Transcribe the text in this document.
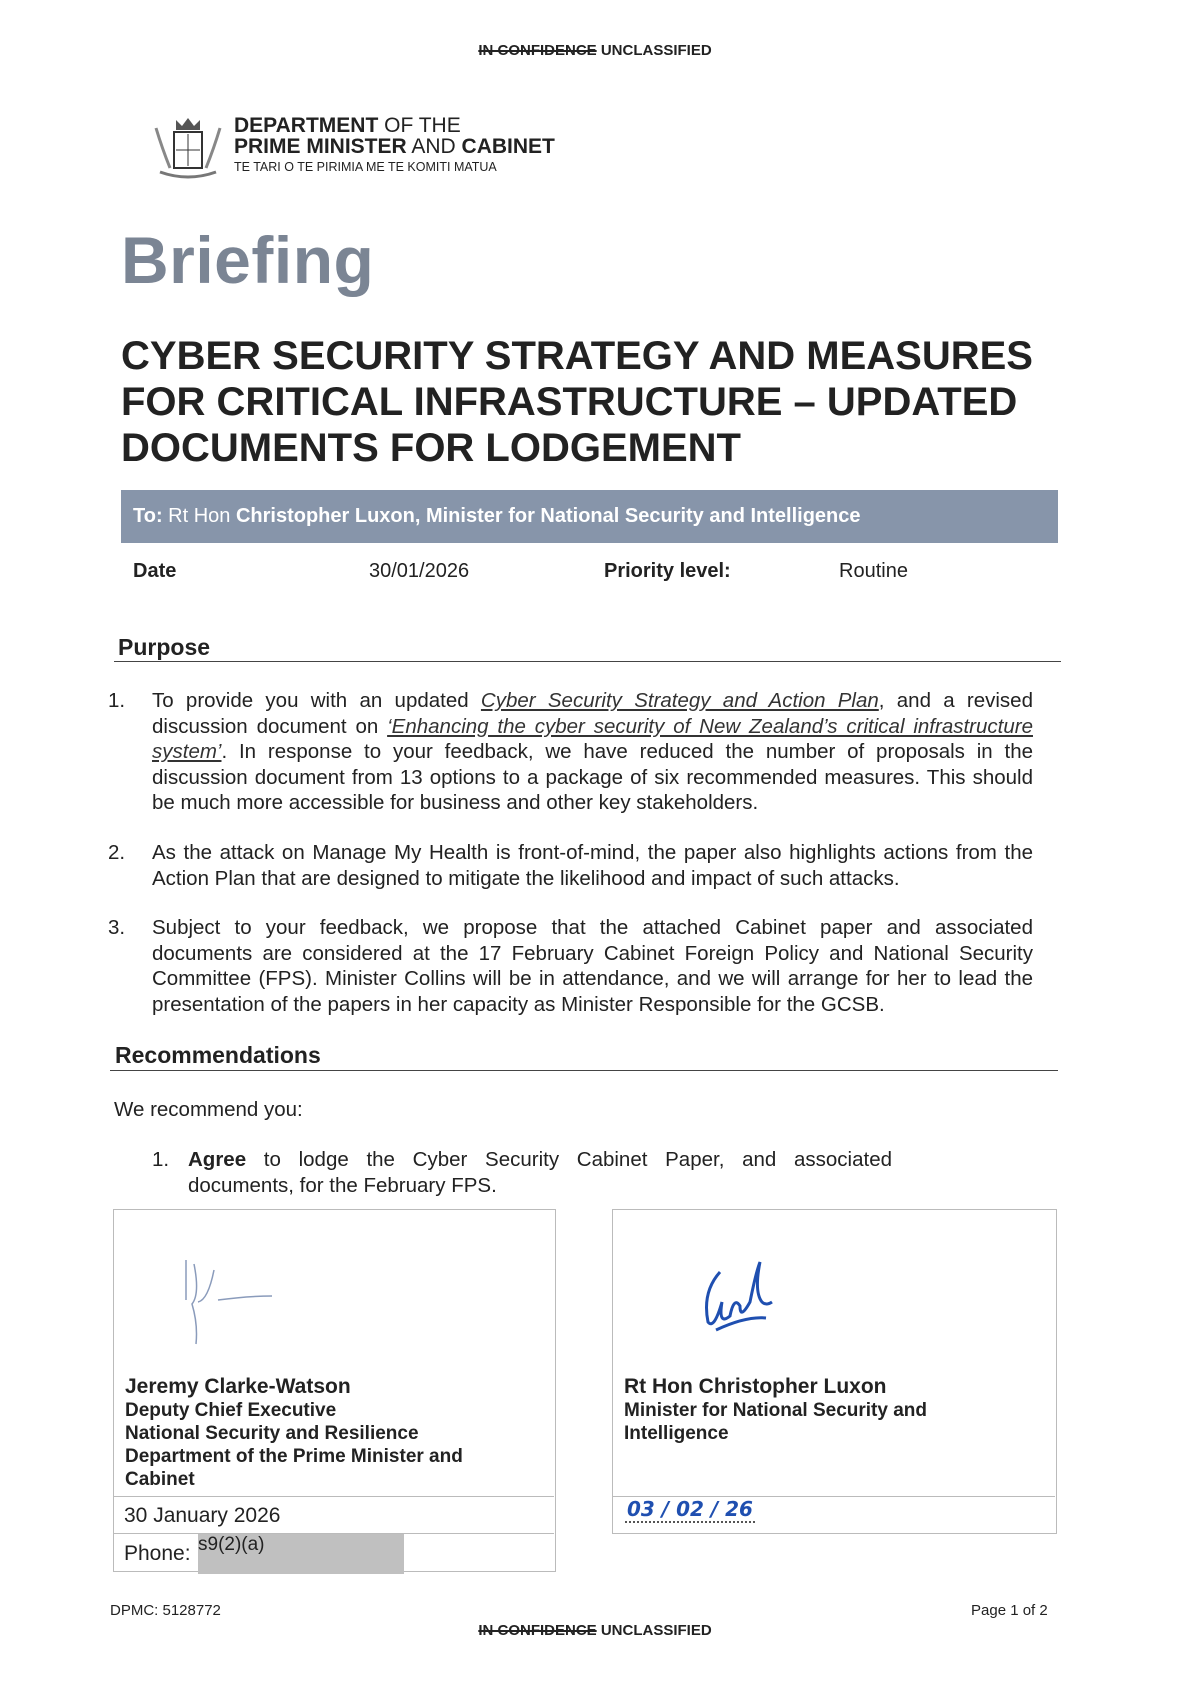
IN CONFIDENCE UNCLASSIFIED
DEPARTMENT OF THE
PRIME MINISTER AND CABINET
TE TARI O TE PIRIMIA ME TE KOMITI MATUA
Briefing
CYBER SECURITY STRATEGY AND MEASURES FOR CRITICAL INFRASTRUCTURE – UPDATED DOCUMENTS FOR LODGEMENT
To: Rt Hon Christopher Luxon, Minister for National Security and Intelligence
Date	30/01/2026	Priority level:	Routine
Purpose
1. To provide you with an updated Cyber Security Strategy and Action Plan, and a revised discussion document on ‘Enhancing the cyber security of New Zealand’s critical infrastructure system’. In response to your feedback, we have reduced the number of proposals in the discussion document from 13 options to a package of six recommended measures. This should be much more accessible for business and other key stakeholders.
2. As the attack on Manage My Health is front-of-mind, the paper also highlights actions from the Action Plan that are designed to mitigate the likelihood and impact of such attacks.
3. Subject to your feedback, we propose that the attached Cabinet paper and associated documents are considered at the 17 February Cabinet Foreign Policy and National Security Committee (FPS). Minister Collins will be in attendance, and we will arrange for her to lead the presentation of the papers in her capacity as Minister Responsible for the GCSB.
Recommendations
We recommend you:
1. Agree to lodge the Cyber Security Cabinet Paper, and associated documents, for the February FPS.
Jeremy Clarke-Watson
Deputy Chief Executive
National Security and Resilience
Department of the Prime Minister and Cabinet
30 January 2026
Phone: s9(2)(a)
Rt Hon Christopher Luxon
Minister for National Security and
Intelligence
03 / 02 / 26
DPMC: 5128772	Page 1 of 2
IN CONFIDENCE UNCLASSIFIED
